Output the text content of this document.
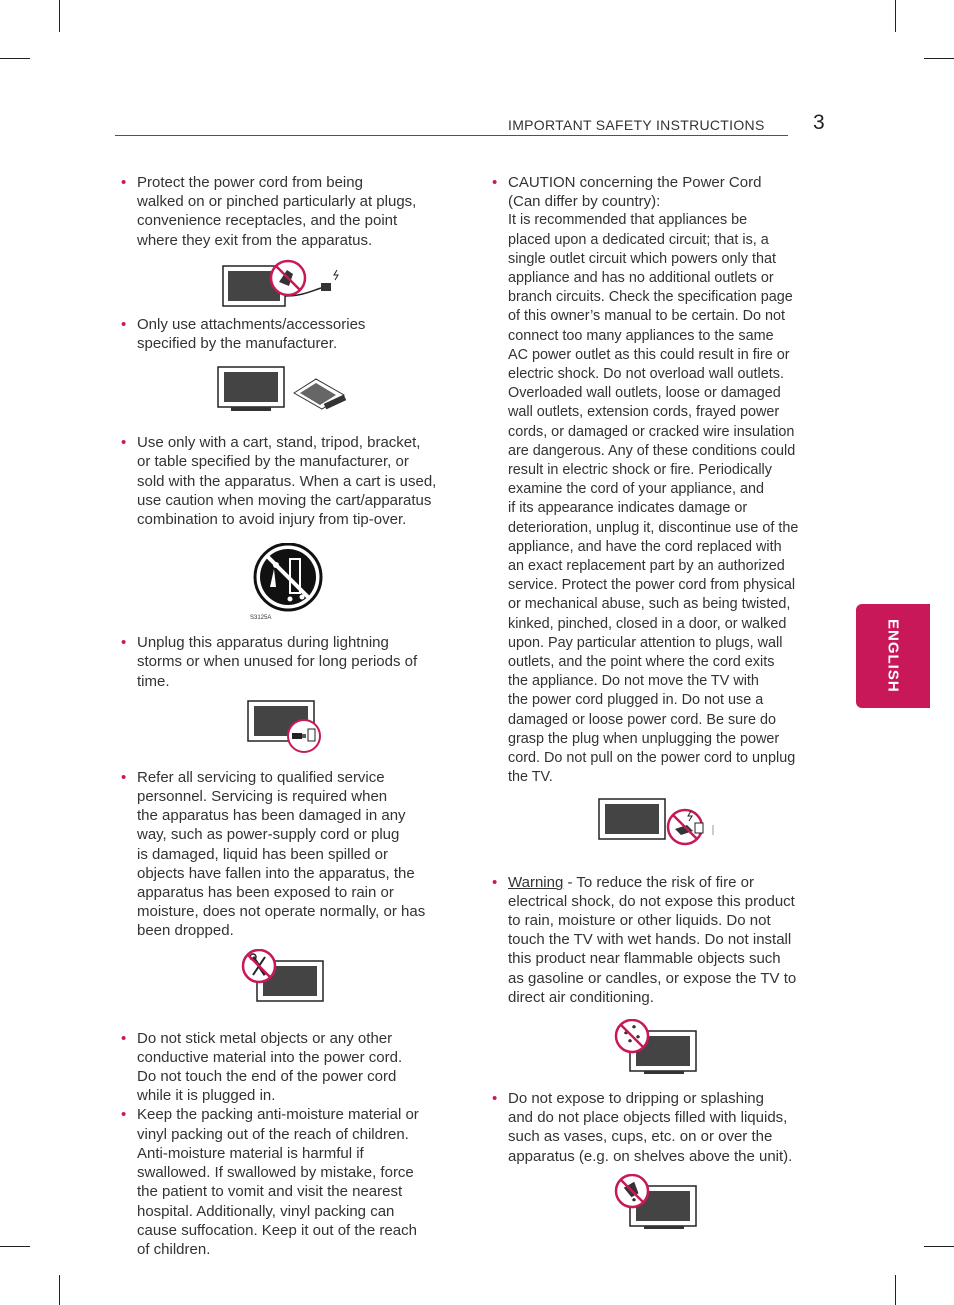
IMPORTANT SAFETY INSTRUCTIONS 3
ENGLISH
• Protect the power cord from being
walked on or pinched particularly at plugs,
convenience receptacles, and the point
where they exit from the apparatus.
• Only use attachments/accessories
specified by the manufacturer.
• Use only with a cart, stand, tripod, bracket,
or table specified by the manufacturer, or
sold with the apparatus. When a cart is used,
use caution when moving the cart/apparatus
combination to avoid injury from tip-over.
S3125A
• Unplug this apparatus during lightning
storms or when unused for long periods of
time.
• Refer all servicing to qualified service
personnel. Servicing is required when
the apparatus has been damaged in any
way, such as power-supply cord or plug
is damaged, liquid has been spilled or
objects have fallen into the apparatus, the
apparatus has been exposed to rain or
moisture, does not operate normally, or has
been dropped.
• Do not stick metal objects or any other
conductive material into the power cord.
Do not touch the end of the power cord
while it is plugged in.
• Keep the packing anti-moisture material or
vinyl packing out of the reach of children.
Anti-moisture material is harmful if
swallowed. If swallowed by mistake, force
the patient to vomit and visit the nearest
hospital. Additionally, vinyl packing can
cause suffocation. Keep it out of the reach
of children.
• CAUTION concerning the Power Cord
(Can differ by country):
It is recommended that appliances be
placed upon a dedicated circuit; that is, a
single outlet circuit which powers only that
appliance and has no additional outlets or
branch circuits. Check the specification page
of this owner’s manual to be certain. Do not
connect too many appliances to the same
AC power outlet as this could result in fire or
electric shock. Do not overload wall outlets.
Overloaded wall outlets, loose or damaged
wall outlets, extension cords, frayed power
cords, or damaged or cracked wire insulation
are dangerous. Any of these conditions could
result in electric shock or fire. Periodically
examine the cord of your appliance, and
if its appearance indicates damage or
deterioration, unplug it, discontinue use of the
appliance, and have the cord replaced with
an exact replacement part by an authorized
service. Protect the power cord from physical
or mechanical abuse, such as being twisted,
kinked, pinched, closed in a door, or walked
upon. Pay particular attention to plugs, wall
outlets, and the point where the cord exits
the appliance. Do not move the TV with
the power cord plugged in. Do not use a
damaged or loose power cord. Be sure do
grasp the plug when unplugging the power
cord. Do not pull on the power cord to unplug
the TV.
• Warning - To reduce the risk of fire or
electrical shock, do not expose this product
to rain, moisture or other liquids. Do not
touch the TV with wet hands. Do not install
this product near flammable objects such
as gasoline or candles, or expose the TV to
direct air conditioning.
• Do not expose to dripping or splashing
and do not place objects filled with liquids,
such as vases, cups, etc. on or over the
apparatus (e.g. on shelves above the unit).
